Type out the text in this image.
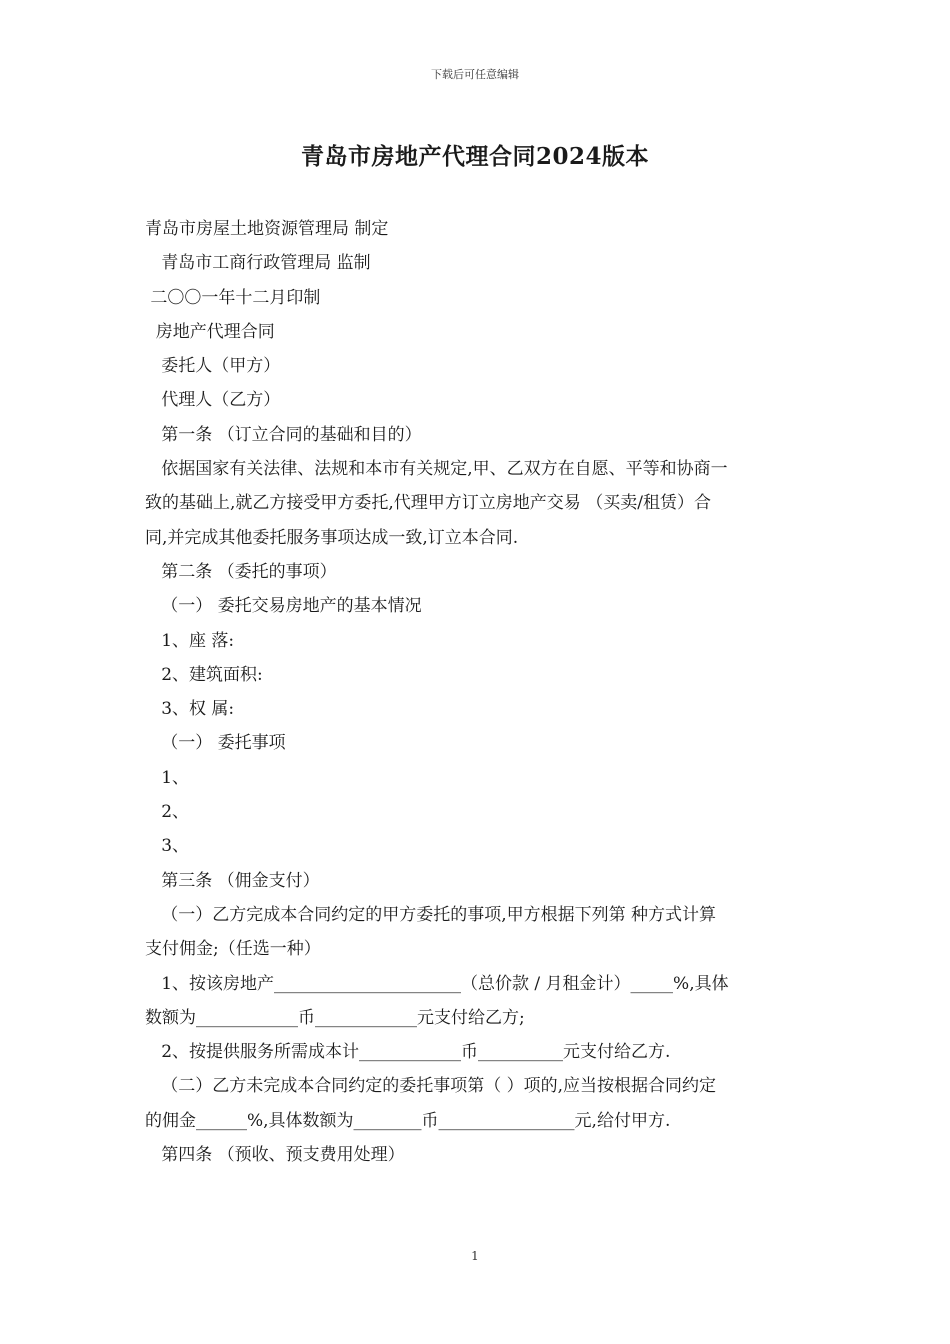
下载后可任意编辑
青岛市房地产代理合同2024版本

青岛市房屋土地资源管理局 制定

青岛市工商行政管理局 监制

二〇〇一年十二月印制

房地产代理合同

委托人（甲方）

代理人（乙方）

第一条 （订立合同的基础和目的）

依据国家有关法律、法规和本市有关规定,甲、乙双方在自愿、平等和协商一

致的基础上,就乙方接受甲方委托,代理甲方订立房地产交易 （买卖/租赁）合

同,并完成其他委托服务事项达成一致,订立本合同.

第二条 （委托的事项）

（一） 委托交易房地产的基本情况

1、座 落:

2、建筑面积:

3、权 属:

（一） 委托事项

1、

2、

3、

第三条 （佣金支付）

（一）乙方完成本合同约定的甲方委托的事项,甲方根据下列第 种方式计算

支付佣金;（任选一种）

1、按该房地产______________________（总价款 / 月租金计）_____%,具体

数额为____________币____________元支付给乙方;

2、按提供服务所需成本计____________币__________元支付给乙方.

（二）乙方未完成本合同约定的委托事项第（ ）项的,应当按根据合同约定

的佣金______%,具体数额为________币________________元,给付甲方.

第四条 （预收、预支费用处理）

1
